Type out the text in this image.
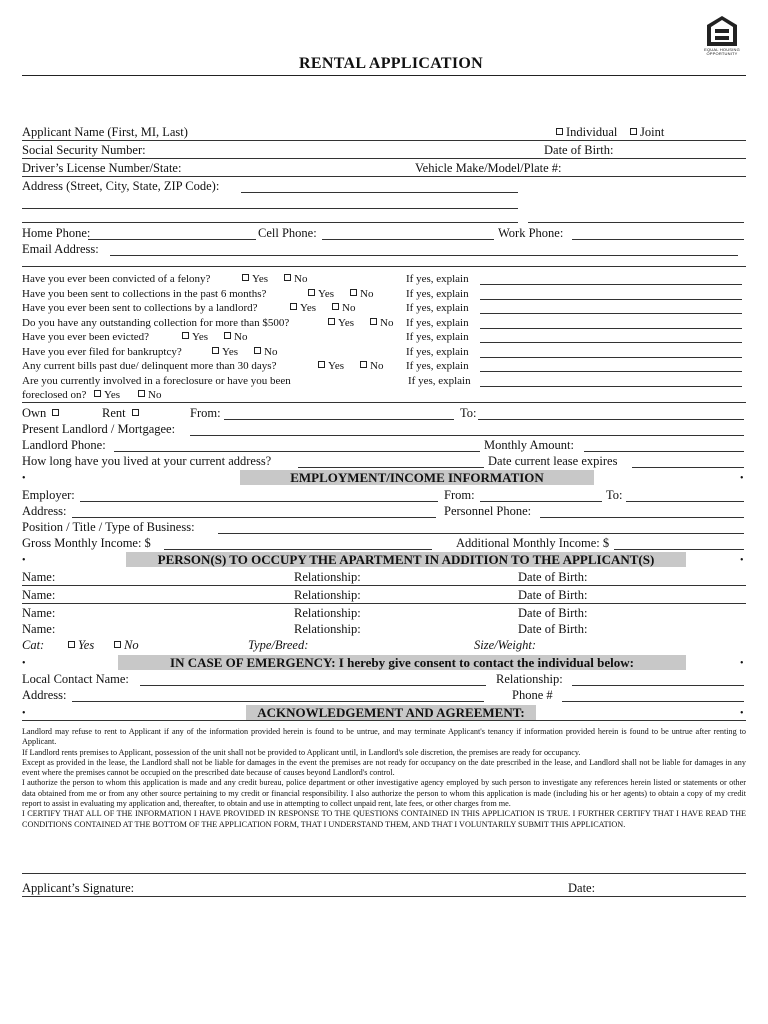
EQUAL HOUSING OPPORTUNITY
RENTAL APPLICATION
Applicant Name (First, MI, Last)	Individual	Joint
Social Security Number:	Date of Birth:
Driver’s License Number/State:	Vehicle Make/Model/Plate #:
Address (Street, City, State, ZIP Code):
Home Phone:	Cell Phone:	Work Phone:
Email Address:
Have you ever been convicted of a felony?	Yes	No	If yes, explain
Have you been sent to collections in the past 6 months?	Yes	No	If yes, explain
Have you ever been sent to collections by a landlord?	Yes	No	If yes, explain
Do you have any outstanding collection for more than $500?	Yes	No If yes, explain
Have you ever been evicted?	Yes	No	If yes, explain
Have you ever filed for bankruptcy?	Yes	No	If yes, explain
Any current bills past due/ delinquent more than 30 days?	Yes	No If yes, explain
Are you currently involved in a foreclosure or have you been	If yes, explain
foreclosed on?	Yes	No
Own	Rent	From:	To:
Present Landlord / Mortgagee:
Landlord Phone:	Monthly Amount:
How long have you lived at your current address?	Date current lease expires
•	EMPLOYMENT/INCOME INFORMATION	•
Employer:	From:	To:
Address:	Personnel Phone:
Position / Title / Type of Business:
Gross Monthly Income: $	Additional Monthly Income: $
•	PERSON(S) TO OCCUPY THE APARTMENT IN ADDITION TO THE APPLICANT(S)	•
Name:	Relationship:	Date of Birth:
Name:	Relationship:	Date of Birth:
Name:	Relationship:	Date of Birth:
Name:	Relationship:	Date of Birth:
Cat:	Yes	No	Type/Breed:	Size/Weight:
•	IN CASE OF EMERGENCY: I hereby give consent to contact the individual below:	•
Local Contact Name:	Relationship:
Address:	Phone #
•	ACKNOWLEDGEMENT AND AGREEMENT:	•

Landlord may refuse to rent to Applicant if any of the information provided herein is found to be untrue, and may terminate Applicant's tenancy if information provided herein is found to be untrue after renting to Applicant.

If Landlord rents premises to Applicant, possession of the unit shall not be provided to Applicant until, in Landlord's sole discretion, the premises are ready for occupancy.

Except as provided in the lease, the Landlord shall not be liable for damages in the event the premises are not ready for occupancy on the date prescribed in the lease, and Landlord shall not be liable for damages in any event where the premises cannot be occupied on the prescribed date because of causes beyond Landlord's control.

I authorize the person to whom this application is made and any credit bureau, police department or other investigative agency employed by such person to investigate any references herein listed or statements or other data obtained from me or from any other source pertaining to my credit or financial responsibility. I also authorize the person to whom this application is made (including his or her agents) to obtain a copy of my credit report to assist in evaluating my application and, thereafter, to obtain and use in attempting to collect unpaid rent, late fees, or other charges from me.

I CERTIFY THAT ALL OF THE INFORMATION I HAVE PROVIDED IN RESPONSE TO THE QUESTIONS CONTAINED IN THIS APPLICATION IS TRUE. I FURTHER CERTIFY THAT I HAVE READ THE CONDITIONS CONTAINED AT THE BOTTOM OF THE APPLICATION FORM, THAT I UNDERSTAND THEM, AND THAT I VOLUNTARILY SUBMIT THIS APPLICATION.

Applicant’s Signature:	Date:
